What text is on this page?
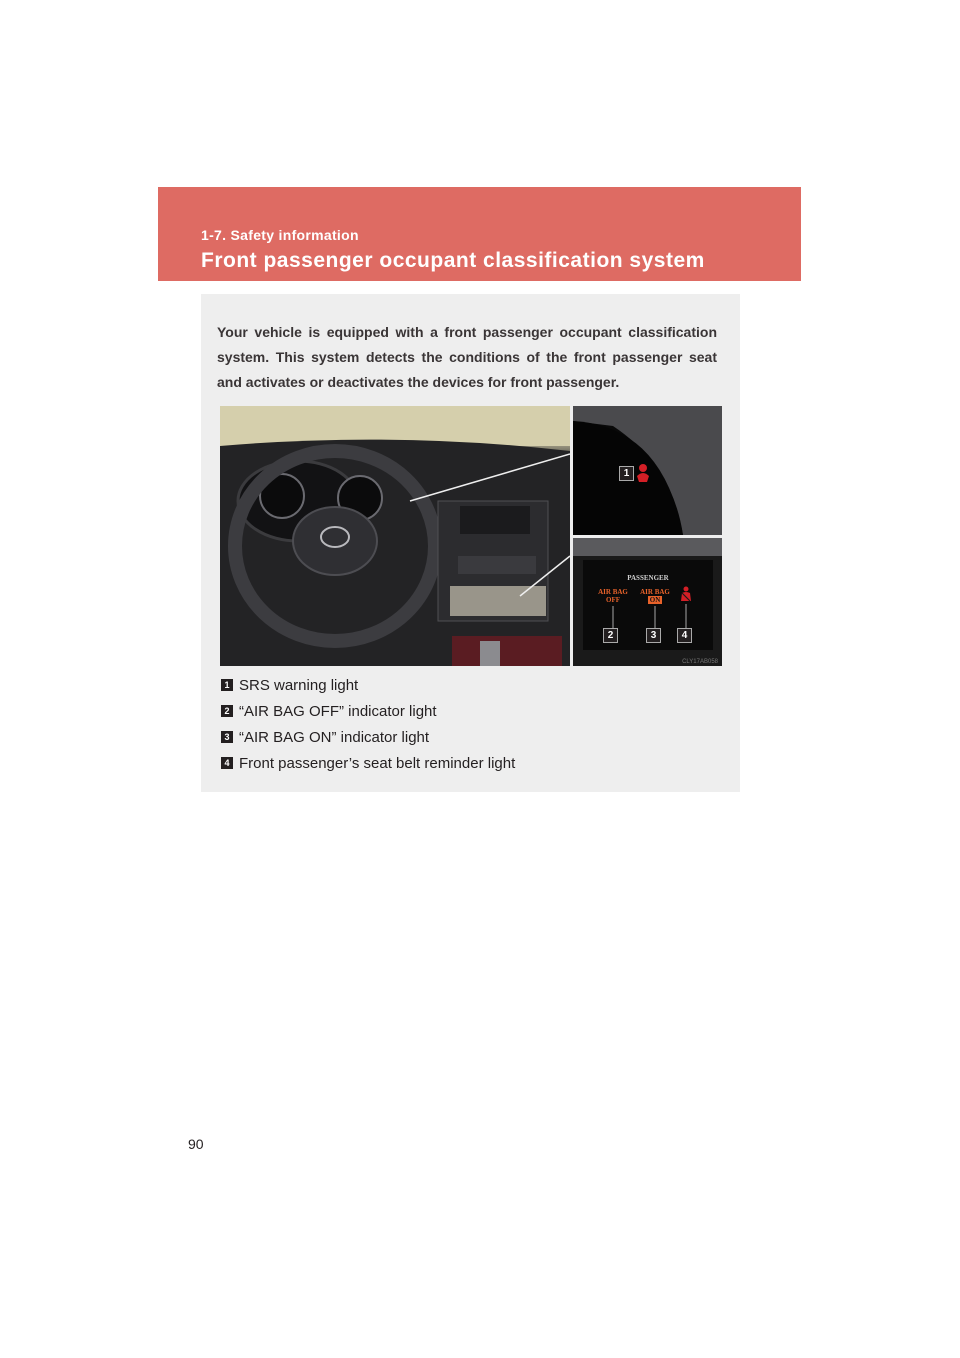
1-7. Safety information
Front passenger occupant classification system
Your vehicle is equipped with a front passenger occupant classification system. This system detects the conditions of the front passenger seat and activates or deactivates the devices for front passenger.
1
PASSENGER
AIR BAG
OFF
AIR BAG
ON
2	3	4
CLY17AB058
1 SRS warning light
2 “AIR BAG OFF” indicator light
3 “AIR BAG ON” indicator light
4 Front passenger’s seat belt reminder light
90
